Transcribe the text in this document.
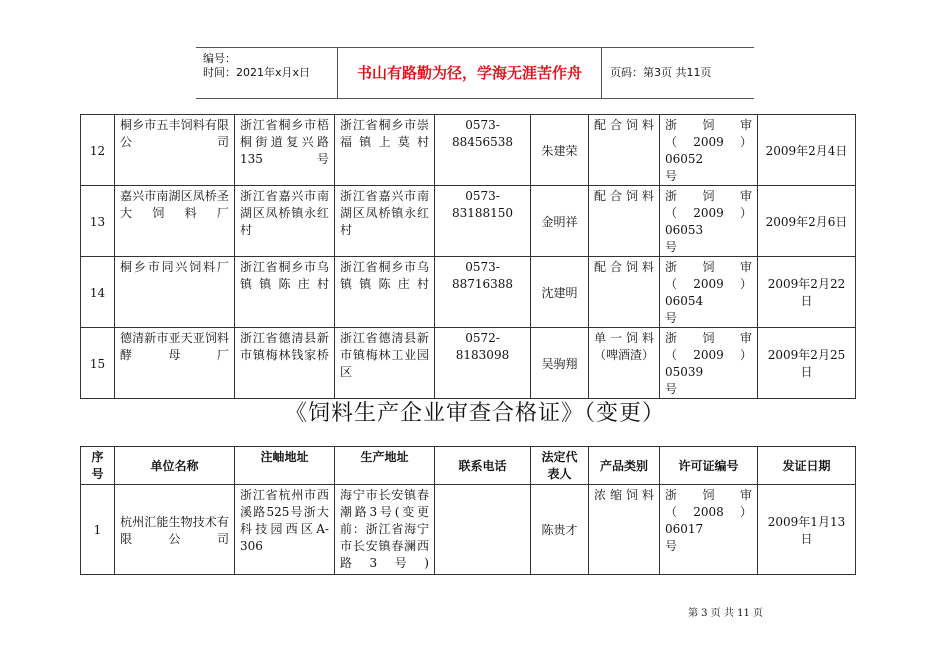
编号：
时间：2021年x月x日	书山有路勤为径，学海无涯苦作舟	页码：第3页 共11页
12	桐乡市五丰饲料有限公司	浙江省桐乡市梧桐街道复兴路135号	浙江省桐乡市崇福镇上莫村	0573-88456538	朱建荣	配合饲料	浙　　饲　　审
（2009）06052
号	2009年2月4日
13	嘉兴市南湖区凤桥圣大饲料厂	浙江省嘉兴市南湖区凤桥镇永红村	浙江省嘉兴市南湖区凤桥镇永红村	0573-83188150	金明祥	配合饲料	浙　　饲　　审
（2009）06053
号	2009年2月6日
14	桐乡市同兴饲料厂	浙江省桐乡市乌镇镇陈庄村	浙江省桐乡市乌镇镇陈庄村	0573-88716388	沈建明	配合饲料	浙　　饲　　审
（2009）06054
号	2009年2月22日
15	德清新市亚天亚饲料酵母厂	浙江省德清县新市镇梅林钱家桥	浙江省德清县新市镇梅林工业园区	0572-8183098	吴驹翔	单一饲料（啤酒渣）	浙　　饲　　审
（2009）05039
号	2009年2月25日
《饲料生产企业审查合格证》（变更）
序号	单位名称	注岫地址	生产地址	联系电话	法定代表人	产品类别	许可证编号	发证日期
1	杭州汇能生物技术有限公司	浙江省杭州市西溪路525号浙大科技园西区A-306	海宁市长安镇春潮路3号(变更前：浙江省海宁市长安镇春澜西路3号)		陈贵才	浓缩饲料	浙　　饲　　审
（2008）06017
号	2009年1月13日
第 3 页 共 11 页
